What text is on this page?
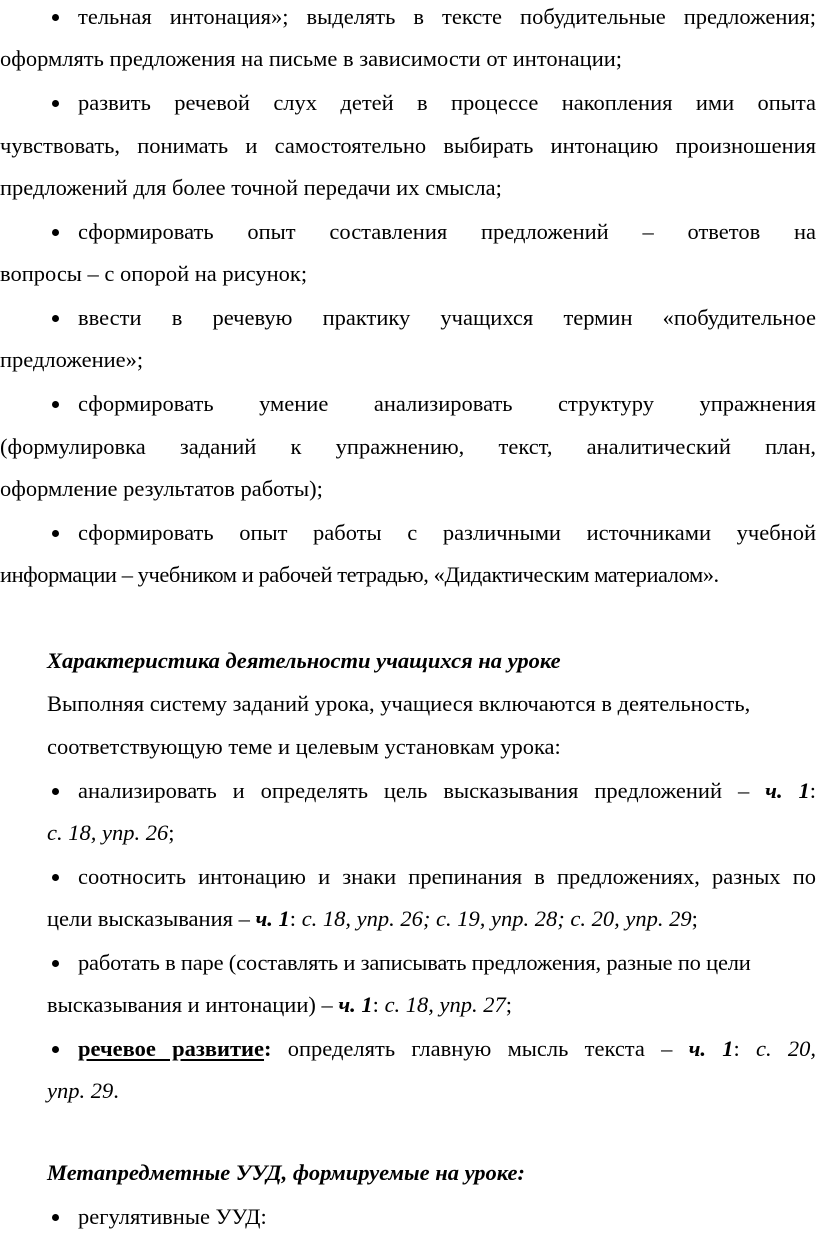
тельная интонация»; выделять в тексте побудительные предложения;
оформлять предложения на письме в зависимости от интонации;
развить речевой слух детей в процессе накопления ими опыта
чувствовать, понимать и самостоятельно выбирать интонацию произношения
предложений для более точной передачи их смысла;
сформировать опыт составления предложений – ответов на
вопросы – с опорой на рисунок;
ввести в речевую практику учащихся термин «побудительное
предложение»;
сформировать умение анализировать структуру упражнения
(формулировка заданий к упражнению, текст, аналитический план,
оформление результатов работы);
сформировать опыт работы с различными источниками учебной
информации – учебником и рабочей тетрадью, «Дидактическим материалом».
Характеристика деятельности учащихся на уроке
Выполняя систему заданий урока, учащиеся включаются в деятельность,
соответствующую теме и целевым установкам урока:
анализировать и определять цель высказывания предложений – ч. 1:
с. 18, упр. 26;
соотносить интонацию и знаки препинания в предложениях, разных по
цели высказывания – ч. 1: с. 18, упр. 26; с. 19, упр. 28; с. 20, упр. 29;
работать в паре (составлять и записывать предложения, разные по цели
высказывания и интонации) – ч. 1: с. 18, упр. 27;
речевое развитие: определять главную мысль текста – ч. 1: с. 20,
упр. 29.
Метапредметные УУД, формируемые на уроке:
регулятивные УУД:
